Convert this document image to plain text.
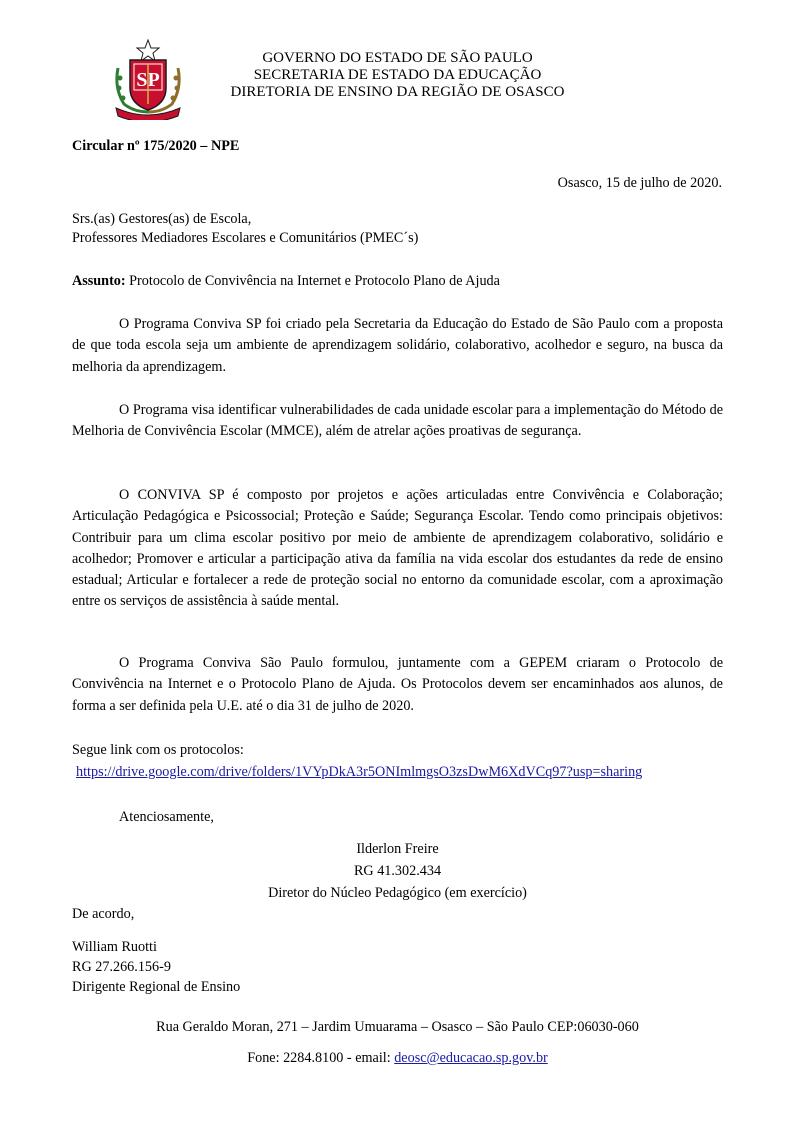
SP
GOVERNO DO ESTADO DE SÃO PAULO
SECRETARIA DE ESTADO DA EDUCAÇÃO
DIRETORIA DE ENSINO DA REGIÃO DE OSASCO
Circular nº 175/2020 – NPE
Osasco, 15 de julho de 2020.
Srs.(as) Gestores(as) de Escola,
Professores Mediadores Escolares e Comunitários (PMEC´s)
Assunto: Protocolo de Convivência na Internet e Protocolo Plano de Ajuda
O Programa Conviva SP foi criado pela Secretaria da Educação do Estado de São Paulo com a proposta de que toda escola seja um ambiente de aprendizagem solidário, colaborativo, acolhedor e seguro, na busca da melhoria da aprendizagem.
O Programa visa identificar vulnerabilidades de cada unidade escolar para a implementação do Método de Melhoria de Convivência Escolar (MMCE), além de atrelar ações proativas de segurança.
O CONVIVA SP é composto por projetos e ações articuladas entre Convivência e Colaboração; Articulação Pedagógica e Psicossocial; Proteção e Saúde; Segurança Escolar. Tendo como principais objetivos: Contribuir para um clima escolar positivo por meio de ambiente de aprendizagem colaborativo, solidário e acolhedor; Promover e articular a participação ativa da família na vida escolar dos estudantes da rede de ensino estadual; Articular e fortalecer a rede de proteção social no entorno da comunidade escolar, com a aproximação entre os serviços de assistência à saúde mental.
O Programa Conviva São Paulo formulou, juntamente com a GEPEM criaram o Protocolo de Convivência na Internet e o Protocolo Plano de Ajuda. Os Protocolos devem ser encaminhados aos alunos, de forma a ser definida pela U.E. até o dia 31 de julho de 2020.
Segue link com os protocolos:
https://drive.google.com/drive/folders/1VYpDkA3r5ONImlmgsO3zsDwM6XdVCq97?usp=sharing
Atenciosamente,
Ilderlon Freire
RG 41.302.434
Diretor do Núcleo Pedagógico (em exercício)
De acordo,
William Ruotti
RG 27.266.156-9
Dirigente Regional de Ensino
Rua Geraldo Moran, 271 – Jardim Umuarama – Osasco – São Paulo CEP:06030-060
Fone: 2284.8100 - email: deosc@educacao.sp.gov.br
